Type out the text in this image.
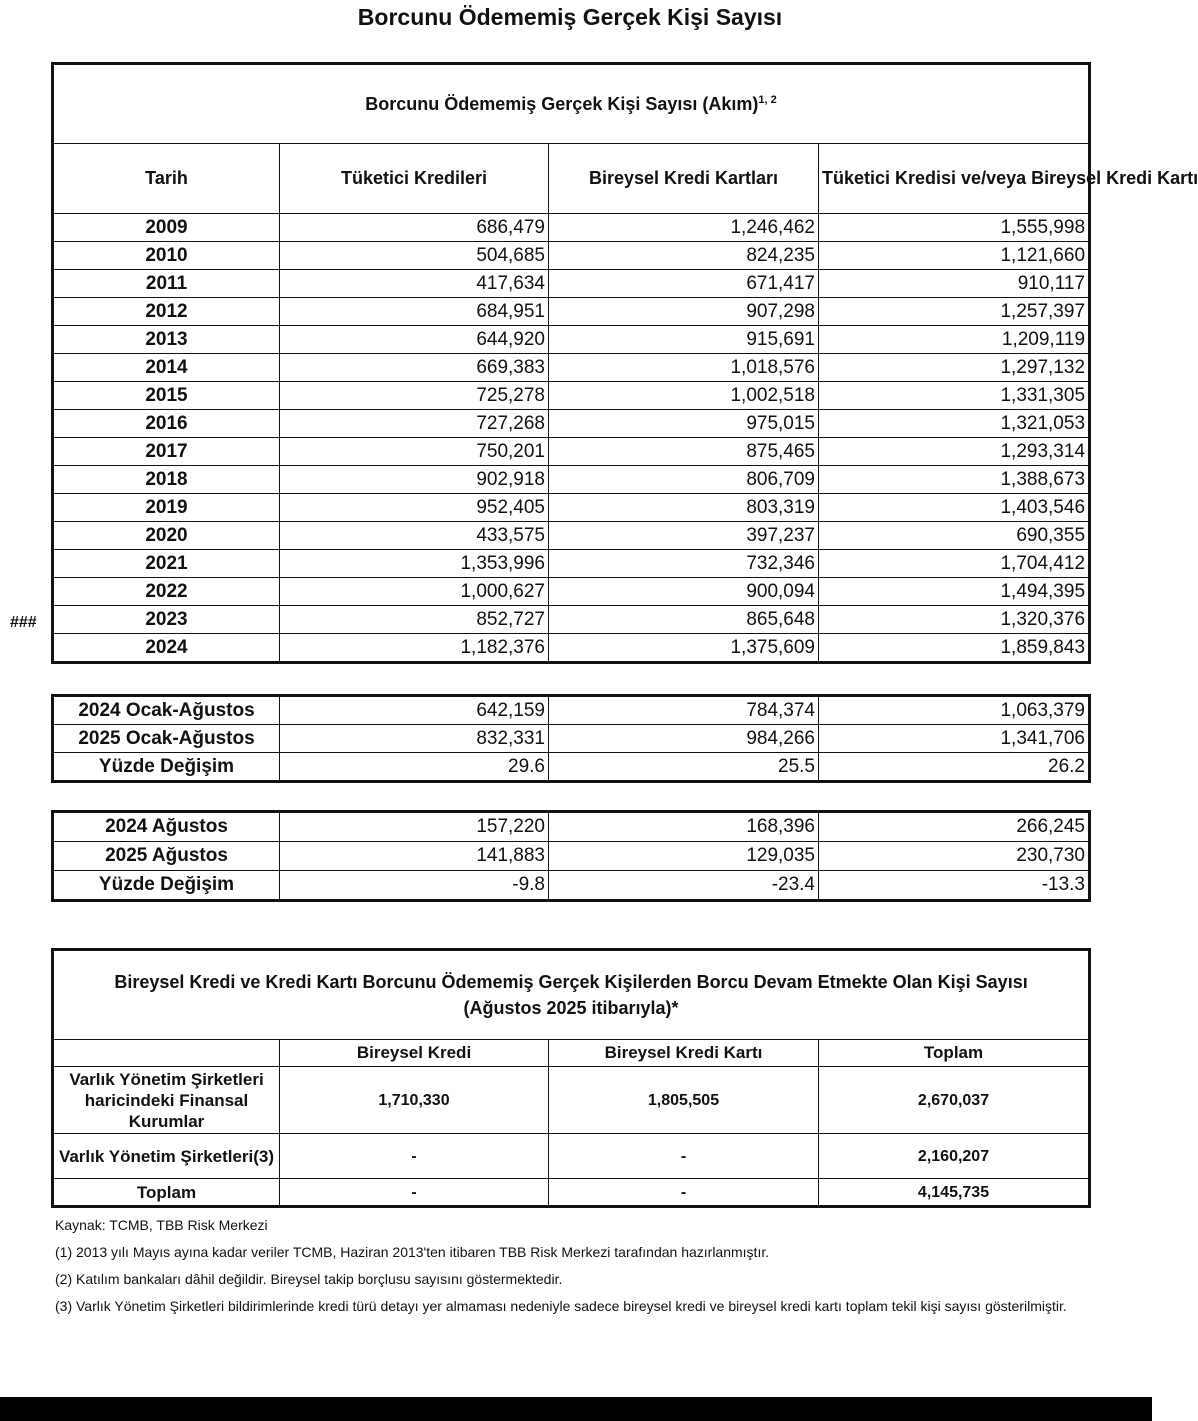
Borcunu Ödememiş Gerçek Kişi Sayısı
Borcunu Ödememiş Gerçek Kişi Sayısı (Akım)$^{1, 2}$
Tarih	Tüketici Kredileri	Bireysel Kredi Kartları	Tüketici Kredisi ve/veya Bireysel Kredi Kartı
2009	686,479	1,246,462	1,555,998
2010	504,685	824,235	1,121,660
2011	417,634	671,417	910,117
2012	684,951	907,298	1,257,397
2013	644,920	915,691	1,209,119
2014	669,383	1,018,576	1,297,132
2015	725,278	1,002,518	1,331,305
2016	727,268	975,015	1,321,053
2017	750,201	875,465	1,293,314
2018	902,918	806,709	1,388,673
2019	952,405	803,319	1,403,546
2020	433,575	397,237	690,355
2021	1,353,996	732,346	1,704,412
2022	1,000,627	900,094	1,494,395
2023	852,727	865,648	1,320,376
2024	1,182,376	1,375,609	1,859,843
###
2024 Ocak-Ağustos	642,159	784,374	1,063,379
2025 Ocak-Ağustos	832,331	984,266	1,341,706
Yüzde Değişim	29.6	25.5	26.2
2024 Ağustos	157,220	168,396	266,245
2025 Ağustos	141,883	129,035	230,730
Yüzde Değişim	-9.8	-23.4	-13.3
Bireysel Kredi ve Kredi Kartı Borcunu Ödememiş Gerçek Kişilerden Borcu Devam Etmekte Olan Kişi Sayısı
(Ağustos 2025 itibarıyla)*			

	Bireysel Kredi	Bireysel Kredi Kartı	Toplam
Varlık Yönetim Şirketleri haricindeki Finansal Kurumlar	1,710,330	1,805,505	2,670,037
Varlık Yönetim Şirketleri(3)	-	-	2,160,207
Toplam	-	-	4,145,735
Kaynak: TCMB, TBB Risk Merkezi
(1) 2013 yılı Mayıs ayına kadar veriler TCMB, Haziran 2013'ten itibaren TBB Risk Merkezi tarafından hazırlanmıştır.
(2) Katılım bankaları dâhil değildir. Bireysel takip borçlusu sayısını göstermektedir.
(3) Varlık Yönetim Şirketleri bildirimlerinde kredi türü detayı yer almaması nedeniyle sadece bireysel kredi ve bireysel kredi kartı toplam tekil kişi sayısı gösterilmiştir.
